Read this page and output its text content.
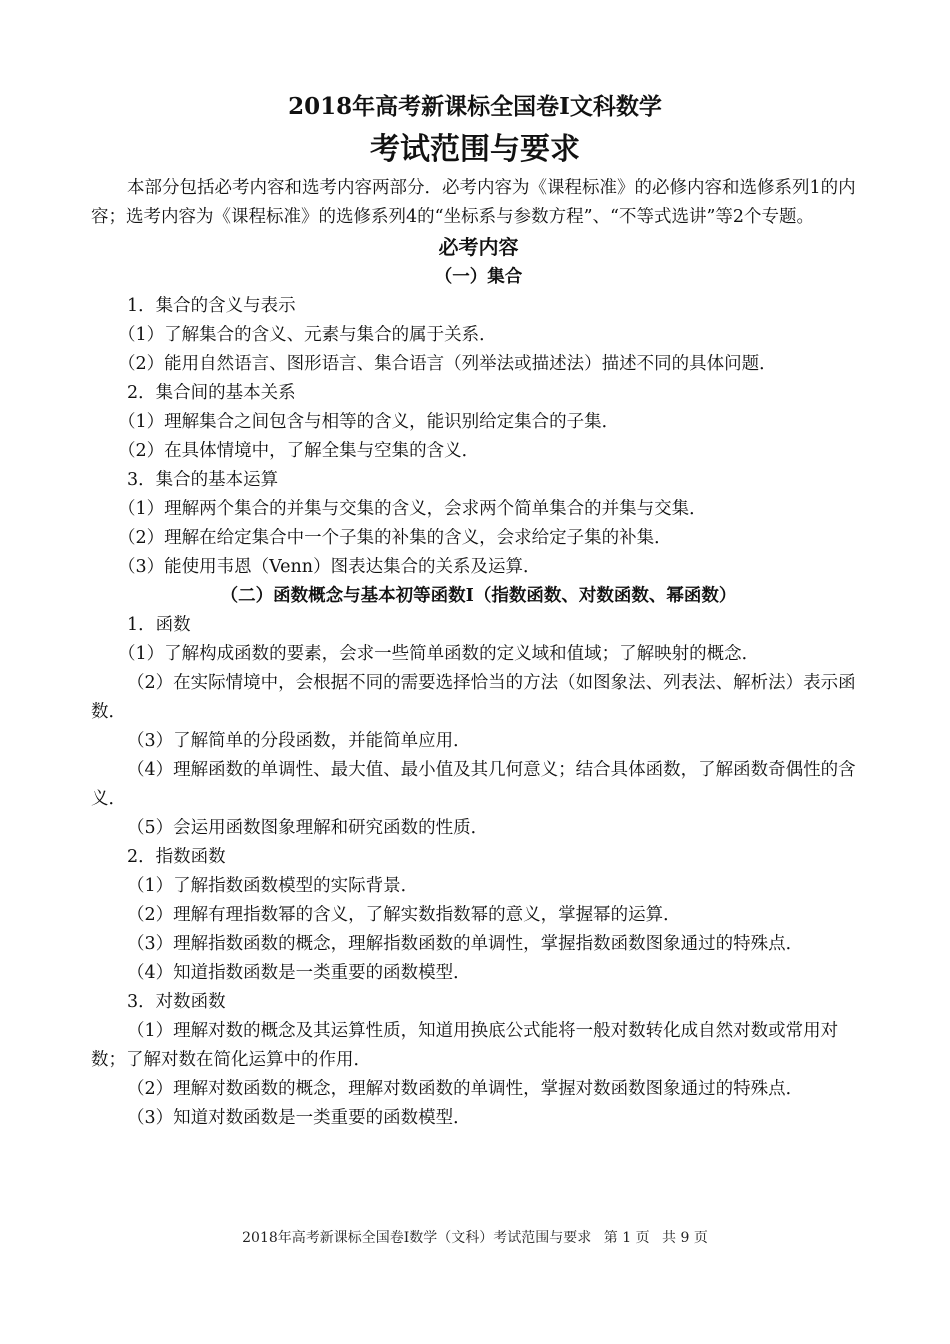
2018年高考新课标全国卷Ⅰ文科数学
考试范围与要求

本部分包括必考内容和选考内容两部分．必考内容为《课程标准》的必修内容和选修系列1的内容；选考内容为《课程标准》的选修系列4的“坐标系与参数方程”、“不等式选讲”等2个专题。

必考内容

（一）集合

1．集合的含义与表示

（1）了解集合的含义、元素与集合的属于关系．

（2）能用自然语言、图形语言、集合语言（列举法或描述法）描述不同的具体问题．

2．集合间的基本关系

（1）理解集合之间包含与相等的含义，能识别给定集合的子集．

（2）在具体情境中，了解全集与空集的含义．

3．集合的基本运算

（1）理解两个集合的并集与交集的含义，会求两个简单集合的并集与交集．

（2）理解在给定集合中一个子集的补集的含义，会求给定子集的补集．

（3）能使用韦恩（Venn）图表达集合的关系及运算．

（二）函数概念与基本初等函数Ⅰ（指数函数、对数函数、幂函数）

1．函数

（1）了解构成函数的要素，会求一些简单函数的定义域和值域；了解映射的概念．

（2）在实际情境中，会根据不同的需要选择恰当的方法（如图象法、列表法、解析法）表示函数．

（3）了解简单的分段函数，并能简单应用．

（4）理解函数的单调性、最大值、最小值及其几何意义；结合具体函数，了解函数奇偶性的含义．

（5）会运用函数图象理解和研究函数的性质．

2．指数函数

（1）了解指数函数模型的实际背景．

（2）理解有理指数幂的含义，了解实数指数幂的意义，掌握幂的运算．

（3）理解指数函数的概念，理解指数函数的单调性，掌握指数函数图象通过的特殊点．

（4）知道指数函数是一类重要的函数模型．

3．对数函数

（1）理解对数的概念及其运算性质，知道用换底公式能将一般对数转化成自然对数或常用对数；了解对数在简化运算中的作用．

（2）理解对数函数的概念，理解对数函数的单调性，掌握对数函数图象通过的特殊点．

（3）知道对数函数是一类重要的函数模型．

2018年高考新课标全国卷Ⅰ数学（文科）考试范围与要求 第 1 页 共 9 页
